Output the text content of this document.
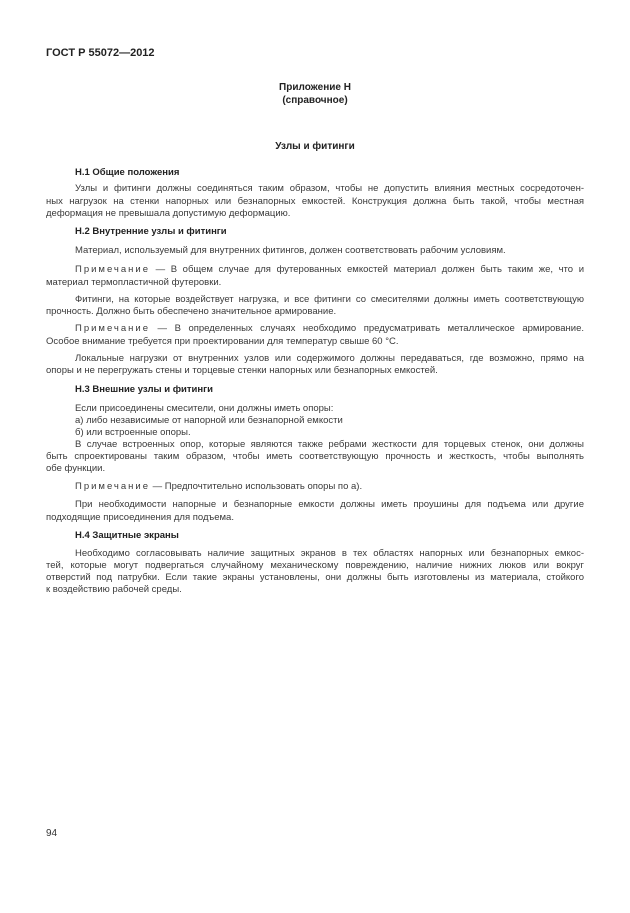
ГОСТ Р 55072—2012
Приложение Н
(справочное)
Узлы и фитинги
Н.1 Общие положения
Узлы и фитинги должны соединяться таким образом, чтобы не допустить влияния местных сосредоточен-
ных нагрузок на стенки напорных или безнапорных емкостей. Конструкция должна быть такой, чтобы местная
деформация не превышала допустимую деформацию.
Н.2 Внутренние узлы и фитинги
Материал, используемый для внутренних фитингов, должен соответствовать рабочим условиям.
Примечание — В общем случае для футерованных емкостей материал должен быть таким же, что и
материал термопластичной футеровки.
Фитинги, на которые воздействует нагрузка, и все фитинги со смесителями должны иметь соответствующую
прочность. Должно быть обеспечено значительное армирование.
Примечание — В определенных случаях необходимо предусматривать металлическое армирование.
Особое внимание требуется при проектировании для температур свыше 60 °С.
Локальные нагрузки от внутренних узлов или содержимого должны передаваться, где возможно, прямо на
опоры и не перегружать стены и торцевые стенки напорных или безнапорных емкостей.
Н.3 Внешние узлы и фитинги
Если присоединены смесители, они должны иметь опоры:
а) либо независимые от напорной или безнапорной емкости
б) или встроенные опоры.
В случае встроенных опор, которые являются также ребрами жесткости для торцевых стенок, они должны
быть спроектированы таким образом, чтобы иметь соответствующую прочность и жесткость, чтобы выполнять
обе функции.
Примечание — Предпочтительно использовать опоры по а).
При необходимости напорные и безнапорные емкости должны иметь проушины для подъема или другие
подходящие присоединения для подъема.
Н.4 Защитные экраны
Необходимо согласовывать наличие защитных экранов в тех областях напорных или безнапорных емкос-
тей, которые могут подвергаться случайному механическому повреждению, наличие нижних люков или вокруг
отверстий под патрубки. Если такие экраны установлены, они должны быть изготовлены из материала, стойкого
к воздействию рабочей среды.
94
